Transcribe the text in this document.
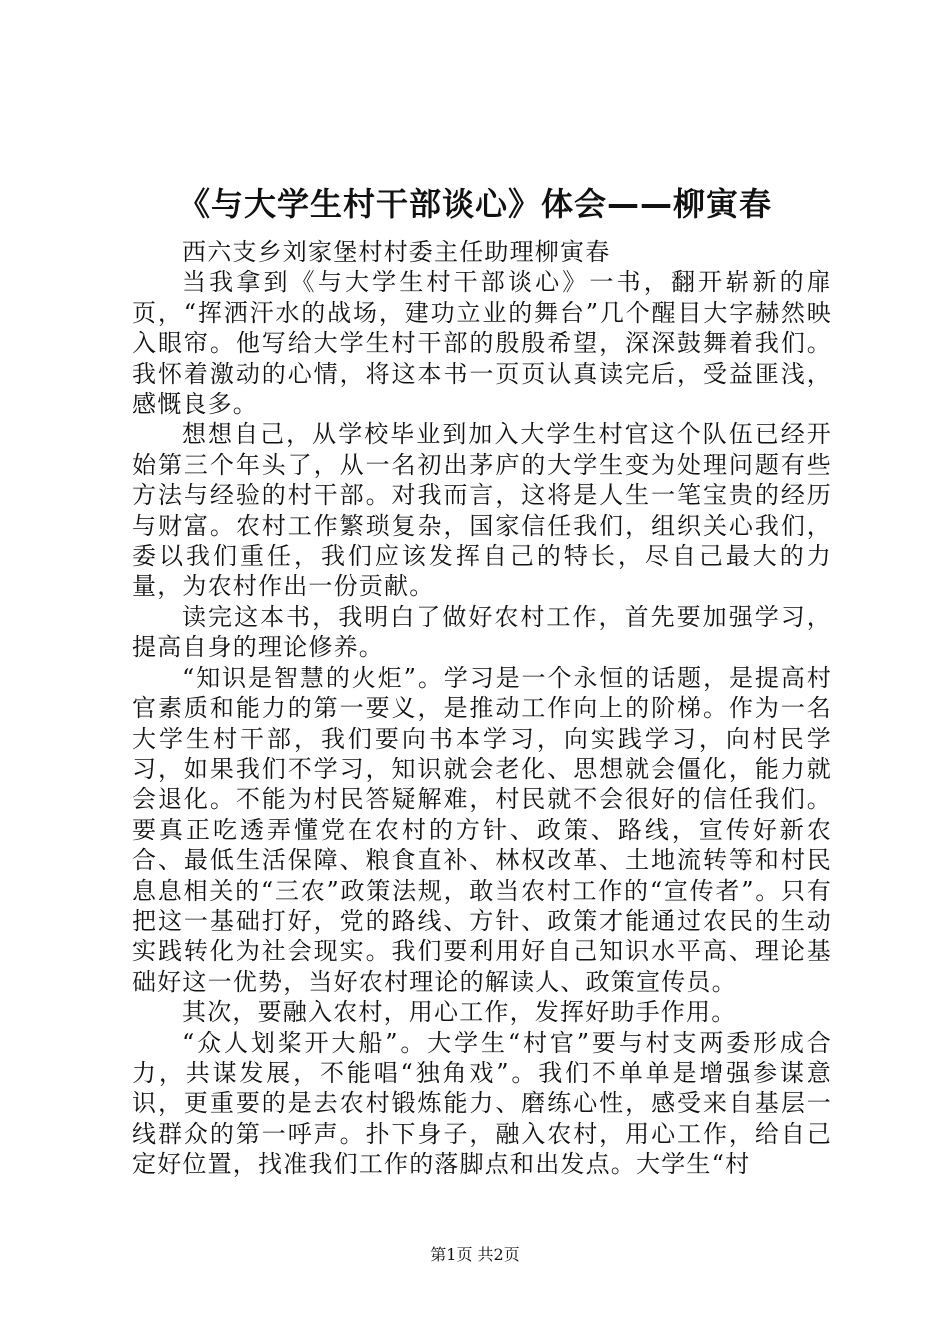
《与大学生村干部谈心》体会——柳寅春

西六支乡刘家堡村村委主任助理柳寅春

当我拿到《与大学生村干部谈心》一书，翻开崭新的扉页，“挥洒汗水的战场，建功立业的舞台”几个醒目大字赫然映入眼帘。他写给大学生村干部的殷殷希望，深深鼓舞着我们。我怀着激动的心情，将这本书一页页认真读完后，受益匪浅，感慨良多。

想想自己，从学校毕业到加入大学生村官这个队伍已经开始第三个年头了，从一名初出茅庐的大学生变为处理问题有些方法与经验的村干部。对我而言，这将是人生一笔宝贵的经历与财富。农村工作繁琐复杂，国家信任我们，组织关心我们，委以我们重任，我们应该发挥自己的特长，尽自己最大的力量，为农村作出一份贡献。

读完这本书，我明白了做好农村工作，首先要加强学习，提高自身的理论修养。

“知识是智慧的火炬”。学习是一个永恒的话题，是提高村官素质和能力的第一要义，是推动工作向上的阶梯。作为一名大学生村干部，我们要向书本学习，向实践学习，向村民学习，如果我们不学习，知识就会老化、思想就会僵化，能力就会退化。不能为村民答疑解难，村民就不会很好的信任我们。要真正吃透弄懂党在农村的方针、政策、路线，宣传好新农合、最低生活保障、粮食直补、林权改革、土地流转等和村民息息相关的“三农”政策法规，敢当农村工作的“宣传者”。只有把这一基础打好，党的路线、方针、政策才能通过农民的生动实践转化为社会现实。我们要利用好自己知识水平高、理论基础好这一优势，当好农村理论的解读人、政策宣传员。

其次，要融入农村，用心工作，发挥好助手作用。

“众人划桨开大船”。大学生“村官”要与村支两委形成合力，共谋发展，不能唱“独角戏”。我们不单单是增强参谋意识，更重要的是去农村锻炼能力、磨练心性，感受来自基层一线群众的第一呼声。扑下身子，融入农村，用心工作，给自己定好位置，找准我们工作的落脚点和出发点。大学生“村

第1页 共2页
